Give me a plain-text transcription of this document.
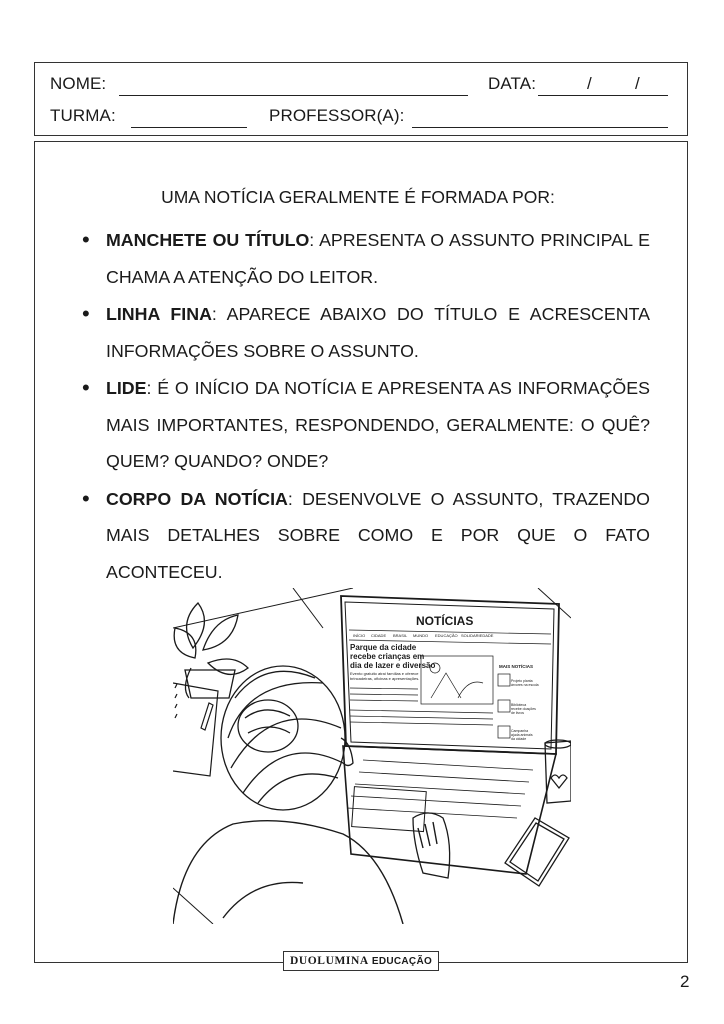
NOME:	DATA:	/	/
TURMA:	PROFESSOR(A):
UMA NOTÍCIA GERALMENTE É FORMADA POR:
• MANCHETE OU TÍTULO: APRESENTA O ASSUNTO PRINCIPAL E CHAMA A ATENÇÃO DO LEITOR.
• LINHA FINA: APARECE ABAIXO DO TÍTULO E ACRESCENTA INFORMAÇÕES SOBRE O ASSUNTO.
• LIDE: É O INÍCIO DA NOTÍCIA E APRESENTA AS INFORMAÇÕES MAIS IMPORTANTES, RESPONDENDO, GERALMENTE: O QUÊ? QUEM? QUANDO? ONDE?
• CORPO DA NOTÍCIA: DESENVOLVE O ASSUNTO, TRAZENDO MAIS DETALHES SOBRE COMO E POR QUE O FATO ACONTECEU.
NOTÍCIAS
INÍCIO CIDADE BRASIL MUNDO EDUCAÇÃO SOLIDARIEDADE
Parque da cidade
recebe crianças em
dia de lazer e diversão
Evento gratuito atrai famílias e oferece
brincadeiras, oficinas e apresentações.
MAIS NOTÍCIAS
Projeto planta
árvores na escola
Biblioteca
recebe doações
de livros
Campanha
ajuda animais
da cidade
DUOLUMINA EDUCAÇÃO
2
